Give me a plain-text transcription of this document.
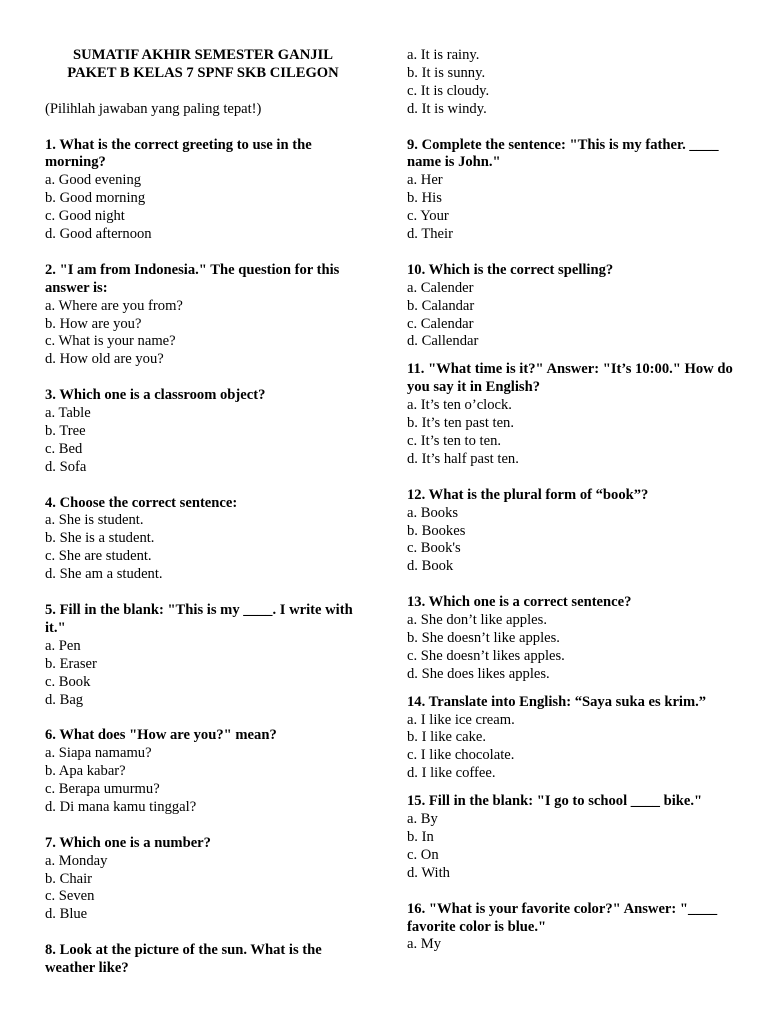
SUMATIF AKHIR SEMESTER GANJIL
PAKET B KELAS 7 SPNF SKB CILEGON
(Pilihlah jawaban yang paling tepat!)
1. What is the correct greeting to use in the morning?
a. Good evening
b. Good morning
c. Good night
d. Good afternoon
2. "I am from Indonesia." The question for this answer is:
a. Where are you from?
b. How are you?
c. What is your name?
d. How old are you?
3. Which one is a classroom object?
a. Table
b. Tree
c. Bed
d. Sofa
4. Choose the correct sentence:
a. She is student.
b. She is a student.
c. She are student.
d. She am a student.
5. Fill in the blank: "This is my ____. I write with it."
a. Pen
b. Eraser
c. Book
d. Bag
6. What does "How are you?" mean?
a. Siapa namamu?
b. Apa kabar?
c. Berapa umurmu?
d. Di mana kamu tinggal?
7. Which one is a number?
a. Monday
b. Chair
c. Seven
d. Blue
8. Look at the picture of the sun. What is the weather like?
a. It is rainy.
b. It is sunny.
c. It is cloudy.
d. It is windy.
9. Complete the sentence: "This is my father. ____ name is John."
a. Her
b. His
c. Your
d. Their
10. Which is the correct spelling?
a. Calender
b. Calandar
c. Calendar
d. Callendar
11. "What time is it?" Answer: "It’s 10:00." How do you say it in English?
a. It’s ten o’clock.
b. It’s ten past ten.
c. It’s ten to ten.
d. It’s half past ten.
12. What is the plural form of “book”?
a. Books
b. Bookes
c. Book's
d. Book
13. Which one is a correct sentence?
a. She don’t like apples.
b. She doesn’t like apples.
c. She doesn’t likes apples.
d. She does likes apples.
14. Translate into English: “Saya suka es krim.”
a. I like ice cream.
b. I like cake.
c. I like chocolate.
d. I like coffee.
15. Fill in the blank: "I go to school ____ bike."
a. By
b. In
c. On
d. With
16. "What is your favorite color?" Answer: "____ favorite color is blue."
a. My
